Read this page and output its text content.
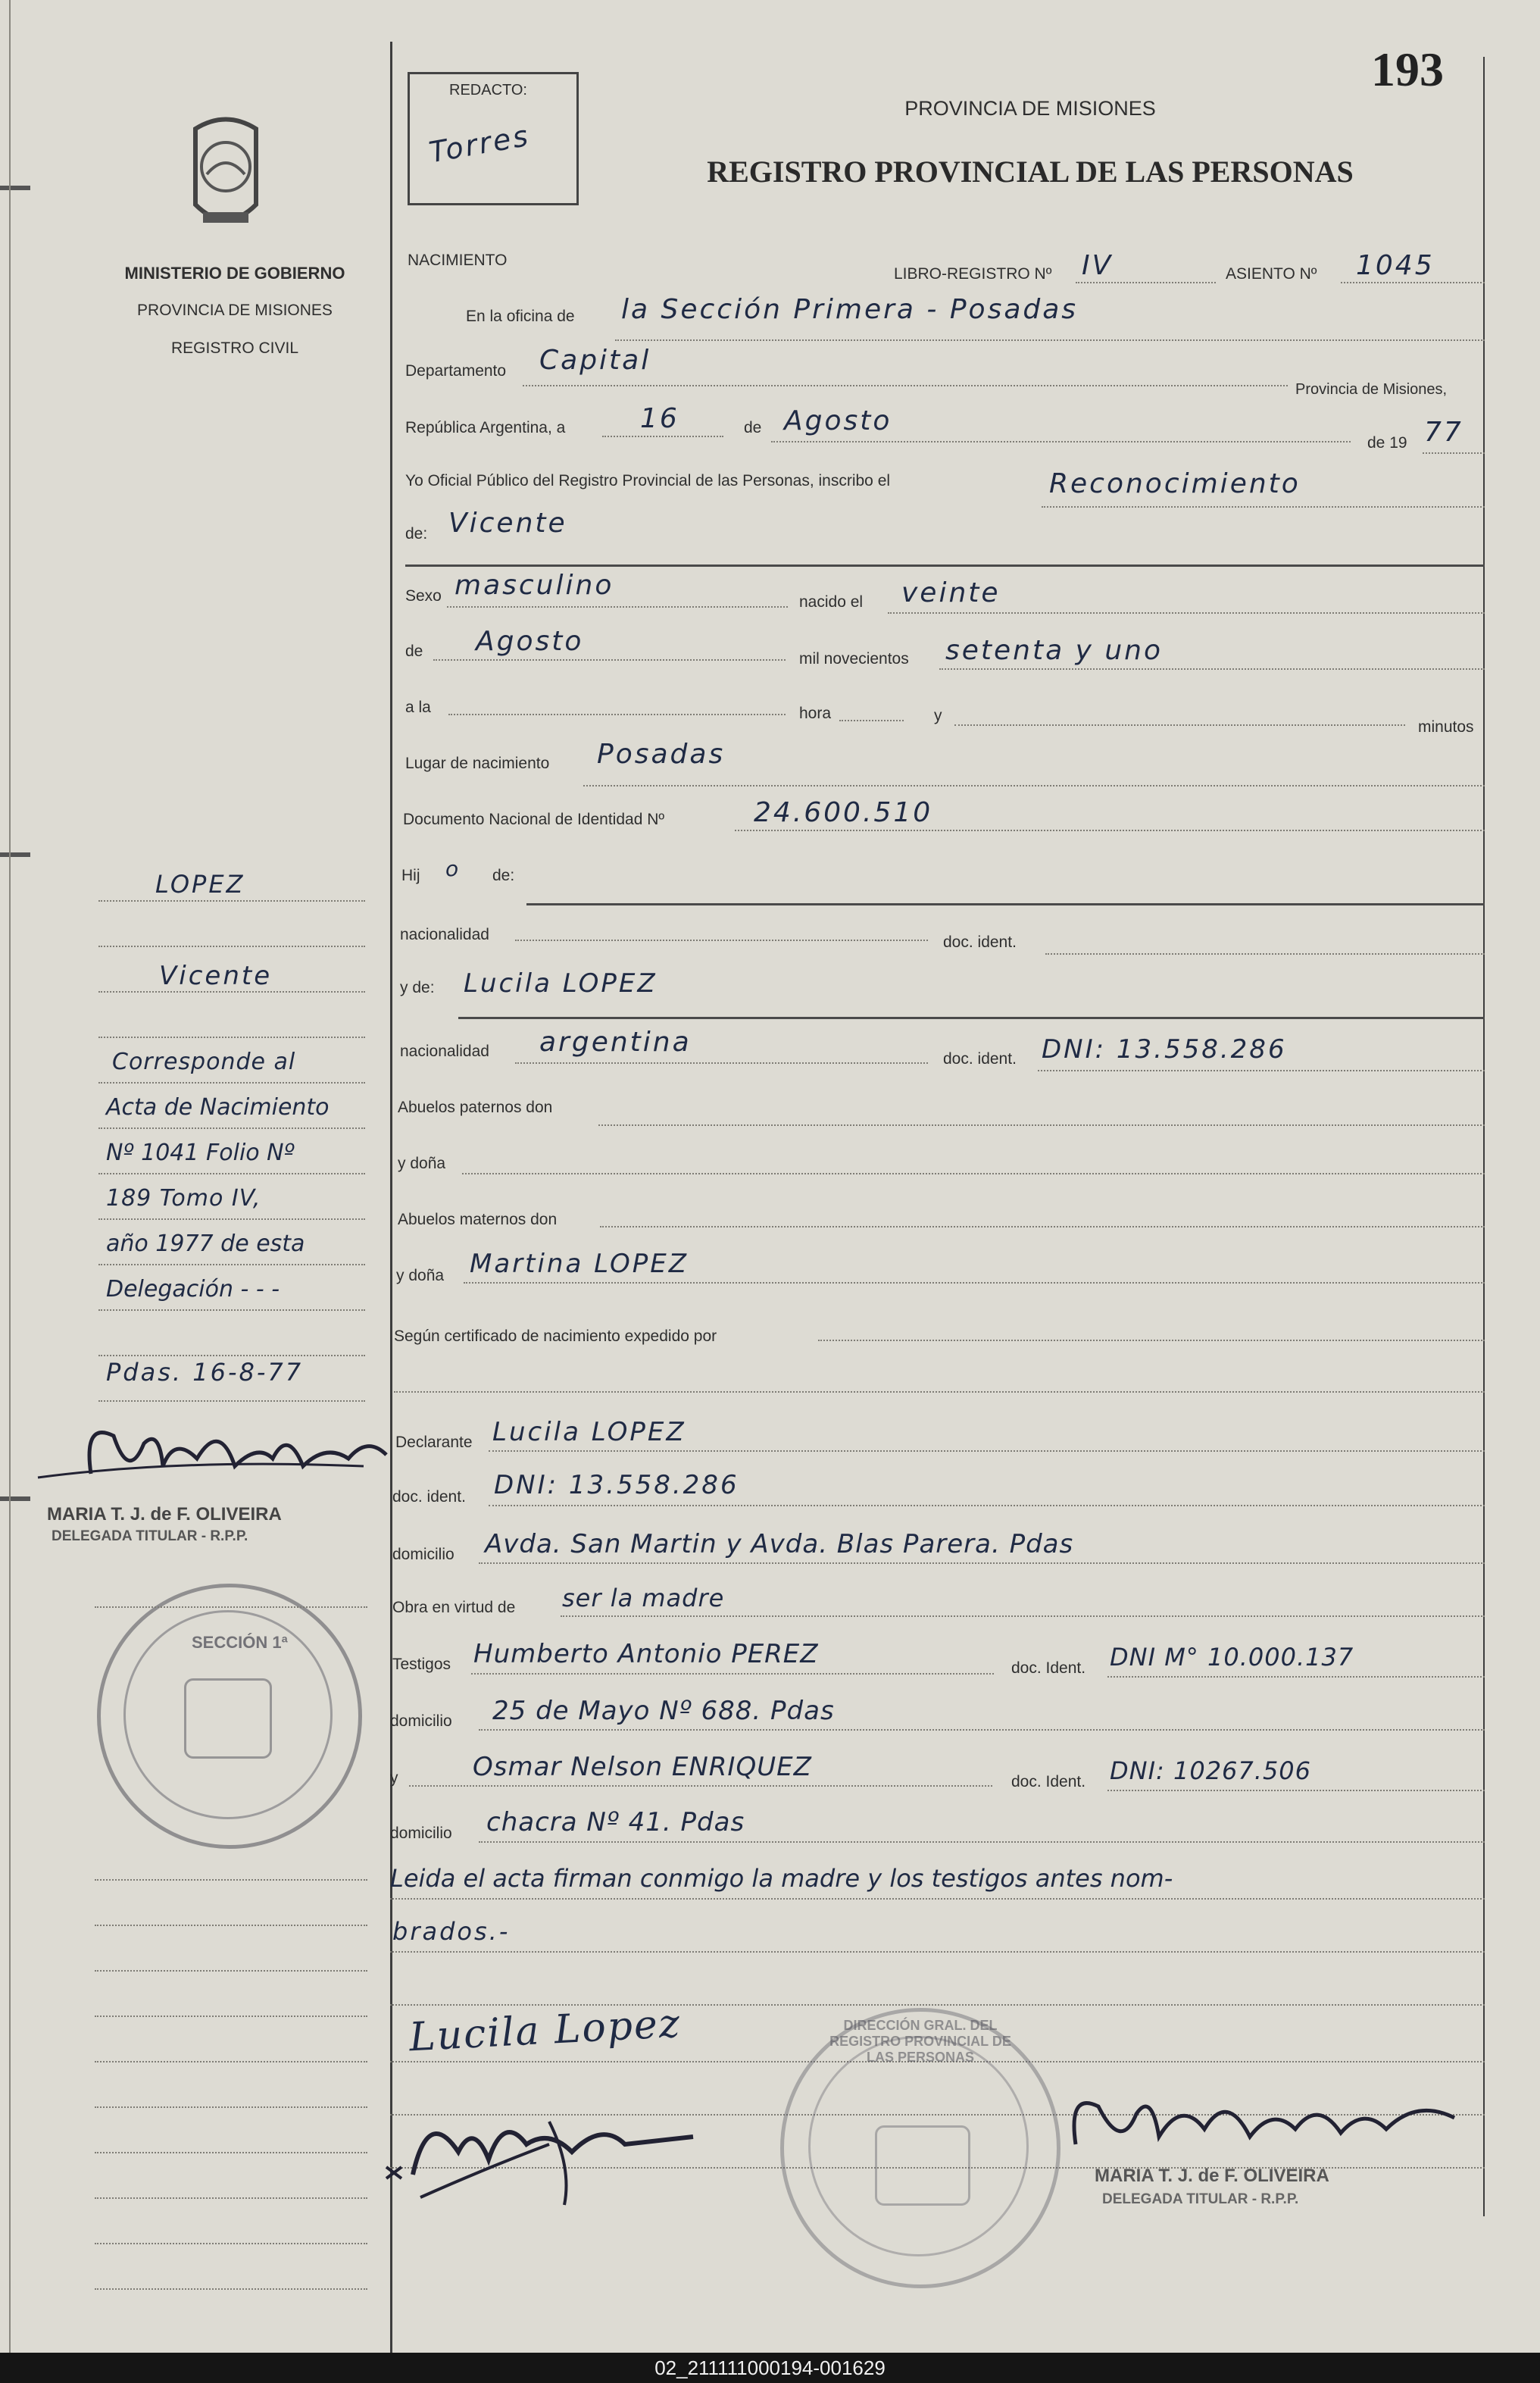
MINISTERIO DE GOBIERNO
PROVINCIA DE MISIONES
REGISTRO CIVIL
LOPEZ
Vicente
Corresponde al
Acta de Nacimiento
Nº 1041 Folio Nº
189 Tomo IV,
año 1977 de esta
Delegación - - -
Pdas. 16-8-77
MARIA T. J. de F. OLIVEIRA
DELEGADA TITULAR - R.P.P.
SECCIÓN 1ª
REDACTO:
Torres
193
PROVINCIA DE MISIONES
REGISTRO PROVINCIAL DE LAS PERSONAS
NACIMIENTO
LIBRO-REGISTRO Nº IV	ASIENTO Nº 1045
En la oficina de la Sección Primera - Posadas
Departamento Capital
Provincia de Misiones,
República Argentina, a	16	de Agosto
de 19 77
Yo Oficial Público del Registro Provincial de las Personas, inscribo el	Reconocimiento
de: Vicente
Sexo masculino
nacido el veinte
de Agosto
mil novecientos setenta y uno
a la	hora	y
minutos
Lugar de nacimiento Posadas
Documento Nacional de Identidad Nº	24.600.510
Hij o de:
nacionalidad	doc. ident.
y de: Lucila LOPEZ
nacionalidad argentina
doc. ident. DNI: 13.558.286
Abuelos paternos don
y doña
Abuelos maternos don
y doña Martina LOPEZ
Según certificado de nacimiento expedido por
Declarante Lucila LOPEZ
doc. ident. DNI: 13.558.286
domicilio Avda. San Martin y Avda. Blas Parera. Pdas
Obra en virtud de ser la madre
Testigos Humberto Antonio PEREZ	doc. Ident. DNI M° 10.000.137
domicilio 25 de Mayo Nº 688. Pdas
y	Osmar Nelson ENRIQUEZ	doc. Ident. DNI: 10267.506
domicilio chacra Nº 41. Pdas
Leida el acta firman conmigo la madre y los testigos antes nom-
brados.-
Lucila Lopez
MARIA T. J. de F. OLIVEIRA
DELEGADA TITULAR - R.P.P.
DIRECCIÓN GRAL. DEL REGISTRO PROVINCIAL DE LAS PERSONAS
02_211111000194-001629
